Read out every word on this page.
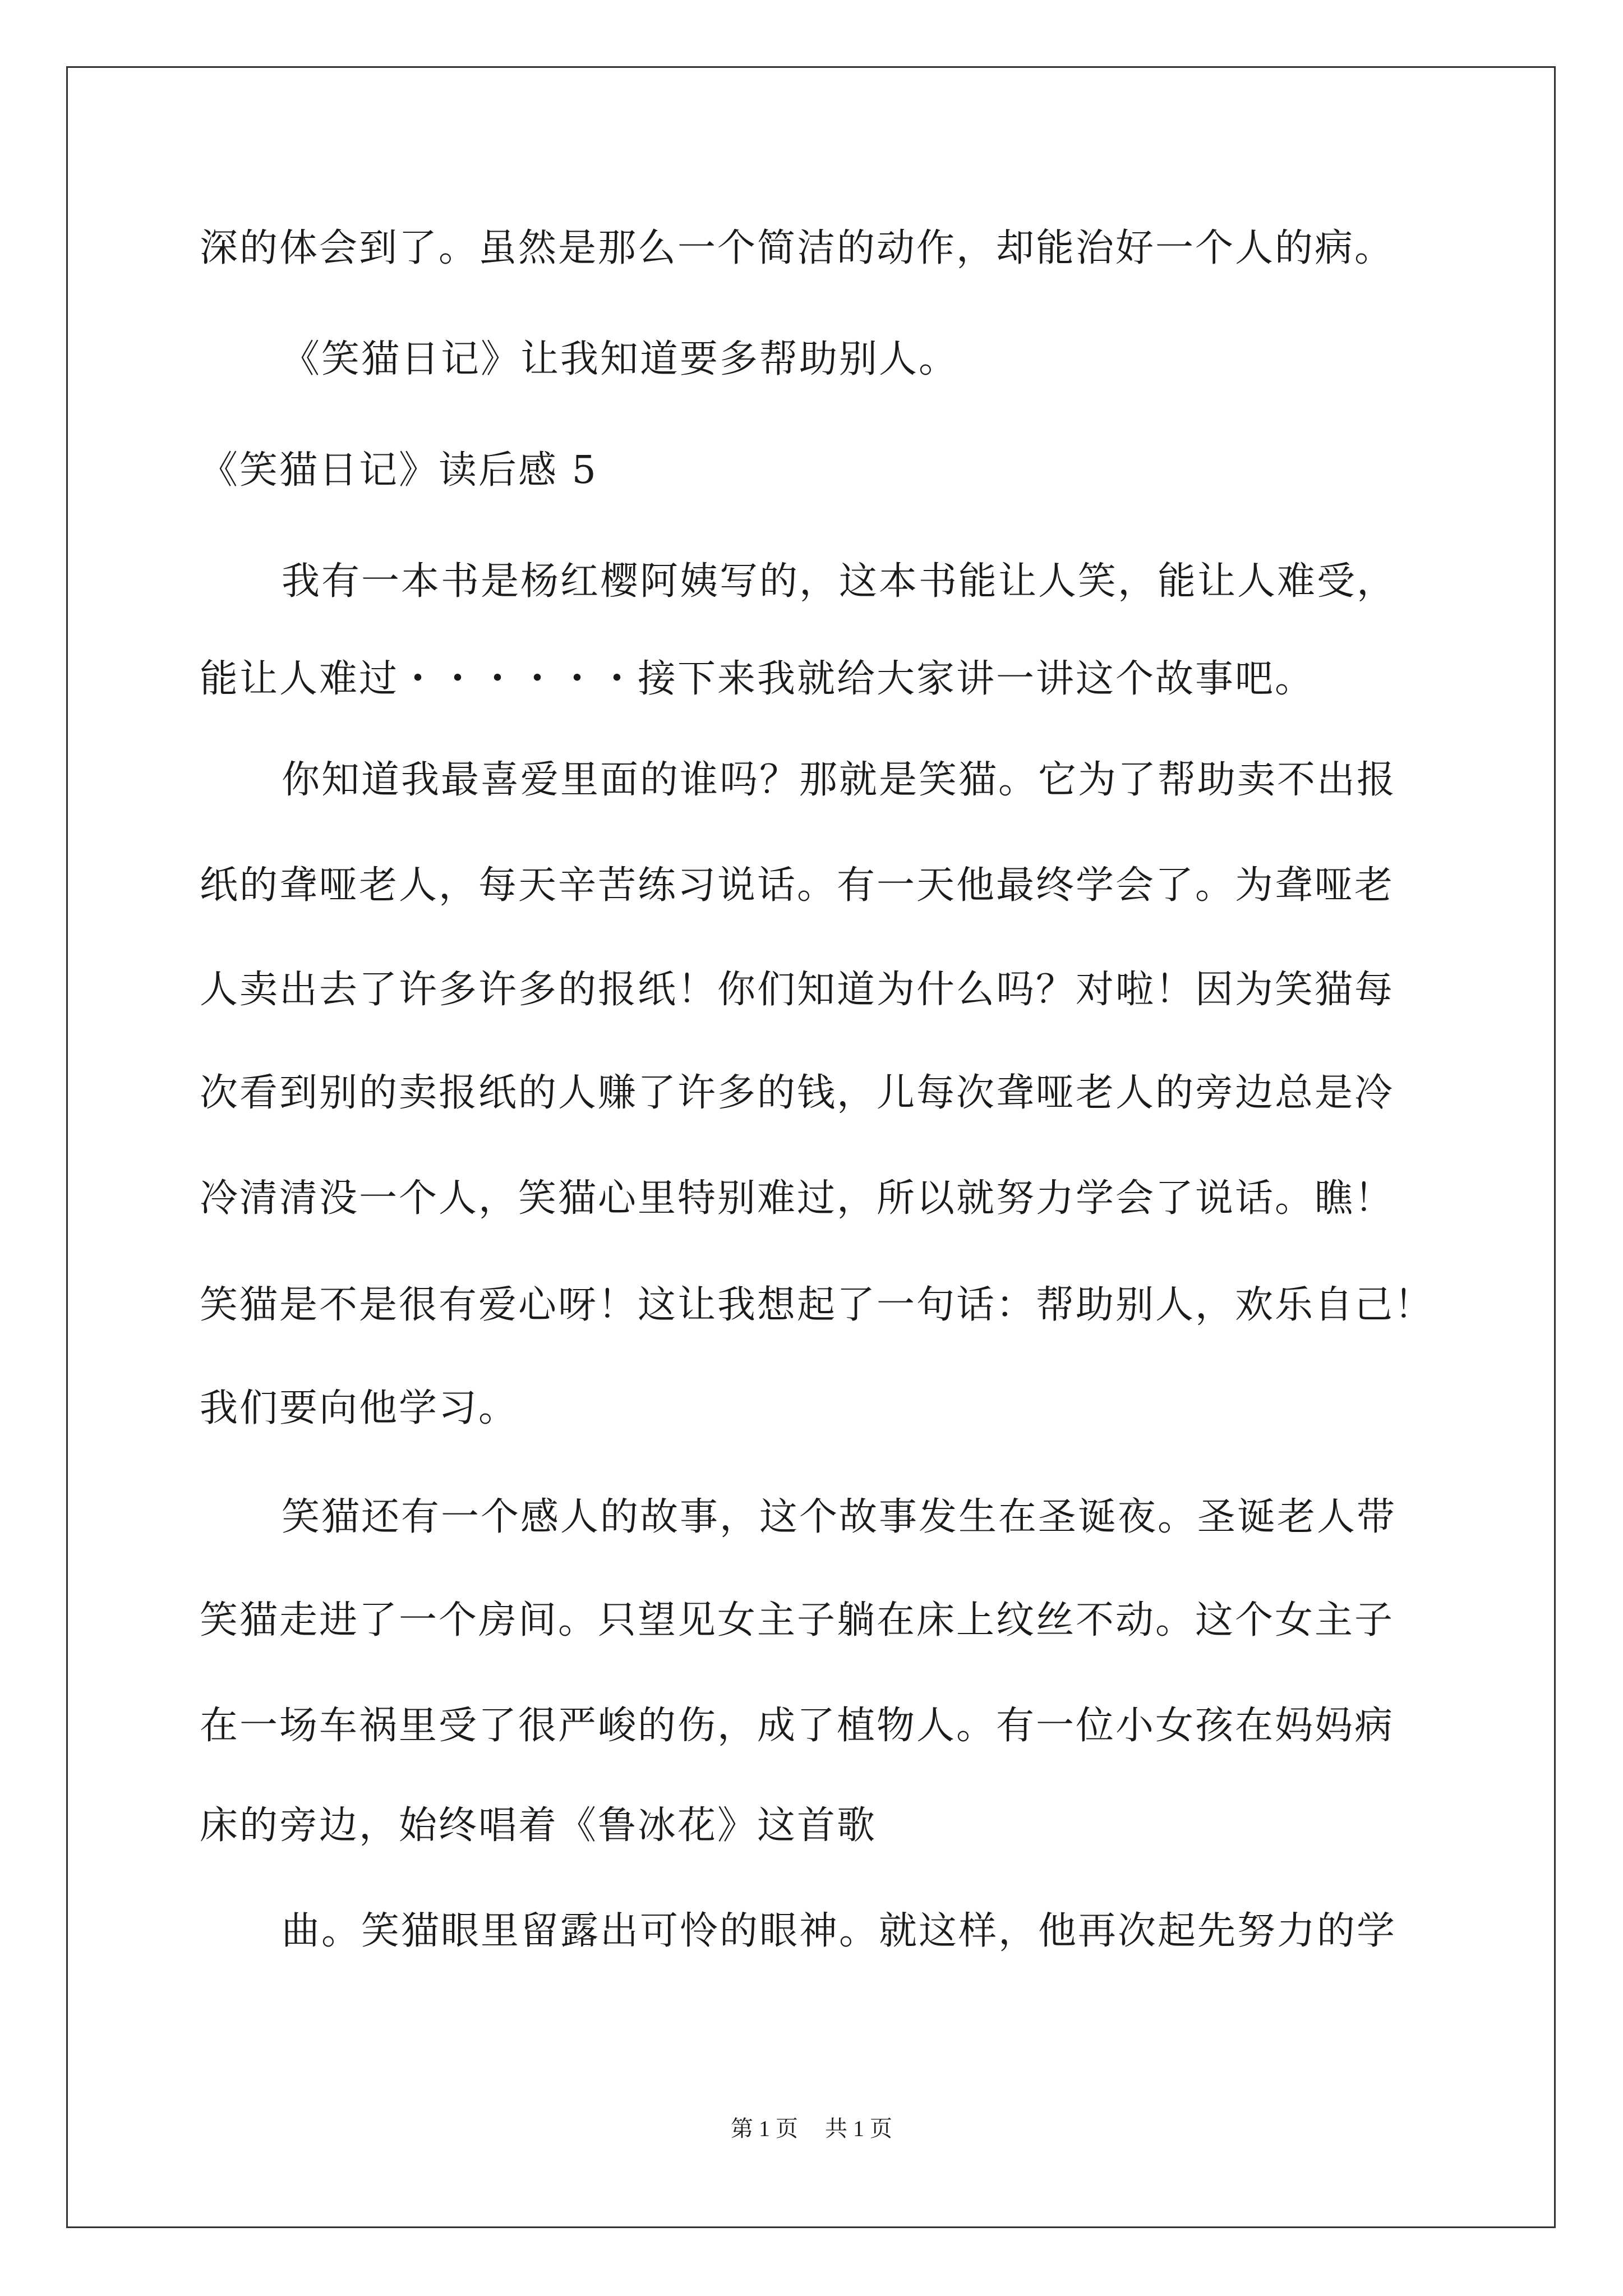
深的体会到了。虽然是那么一个简洁的动作，却能治好一个人的病。
《笑猫日记》让我知道要多帮助别人。
《笑猫日记》读后感 5
我有一本书是杨红樱阿姨写的，这本书能让人笑，能让人难受，
能让人难过・・・・・・接下来我就给大家讲一讲这个故事吧。
你知道我最喜爱里面的谁吗？那就是笑猫。它为了帮助卖不出报
纸的聋哑老人，每天辛苦练习说话。有一天他最终学会了。为聋哑老
人卖出去了许多许多的报纸！你们知道为什么吗？对啦！因为笑猫每
次看到别的卖报纸的人赚了许多的钱，儿每次聋哑老人的旁边总是冷
冷清清没一个人，笑猫心里特别难过，所以就努力学会了说话。瞧！
笑猫是不是很有爱心呀！这让我想起了一句话：帮助别人，欢乐自己！
我们要向他学习。
笑猫还有一个感人的故事，这个故事发生在圣诞夜。圣诞老人带
笑猫走进了一个房间。只望见女主子躺在床上纹丝不动。这个女主子
在一场车祸里受了很严峻的伤，成了植物人。有一位小女孩在妈妈病
床的旁边，始终唱着《鲁冰花》这首歌
曲。笑猫眼里留露出可怜的眼神。就这样，他再次起先努力的学
第 1 页 共 1 页
